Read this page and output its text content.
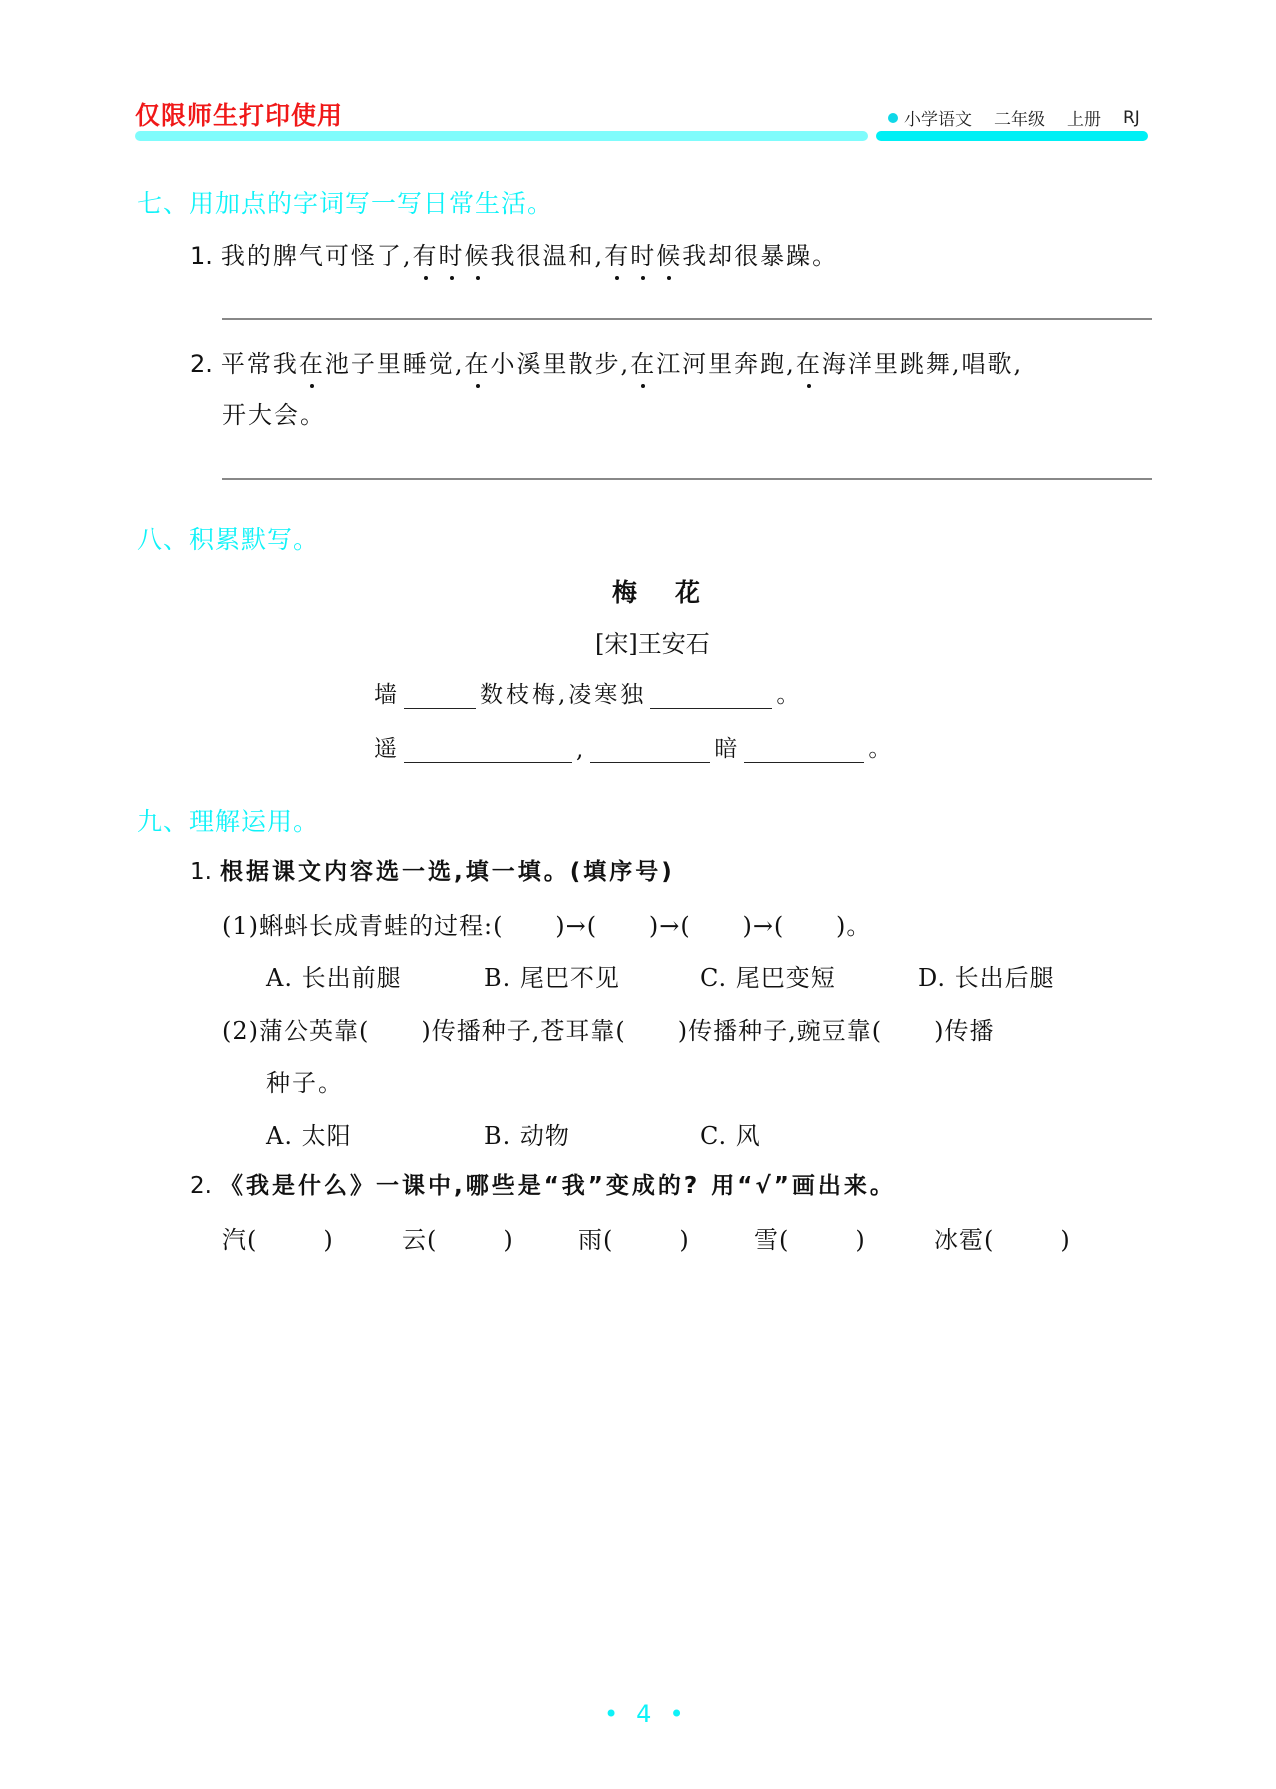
仅限师生打印使用	小学语文 二年级 上册 RJ
七、用加点的字词写一写日常生活。
1. 我的脾气可怪了,有时候我很温和,有时候我却很暴躁。
2. 平常我在池子里睡觉,在小溪里散步,在江河里奔跑,在海洋里跳舞,唱歌,
开大会。
八、积累默写。
梅花
[宋]王安石
墙	数枝梅,凌寒独	。
遥	,	暗	。
九、理解运用。
1. 根据课文内容选一选,填一填。(填序号)
(1)蝌蚪长成青蛙的过程:(      )→(      )→(      )→(      )。
A. 长出前腿	B. 尾巴不见	C. 尾巴变短	D. 长出后腿
(2)蒲公英靠( )传播种子,苍耳靠( )传播种子,豌豆靠( )传播
种子。
A. 太阳	B. 动物	C. 风
2. 《我是什么》一课中,哪些是“我”变成的? 用“√”画出来。
汽(	)	云(	)	雨(	)	雪(	)	冰雹(	)
•4•
